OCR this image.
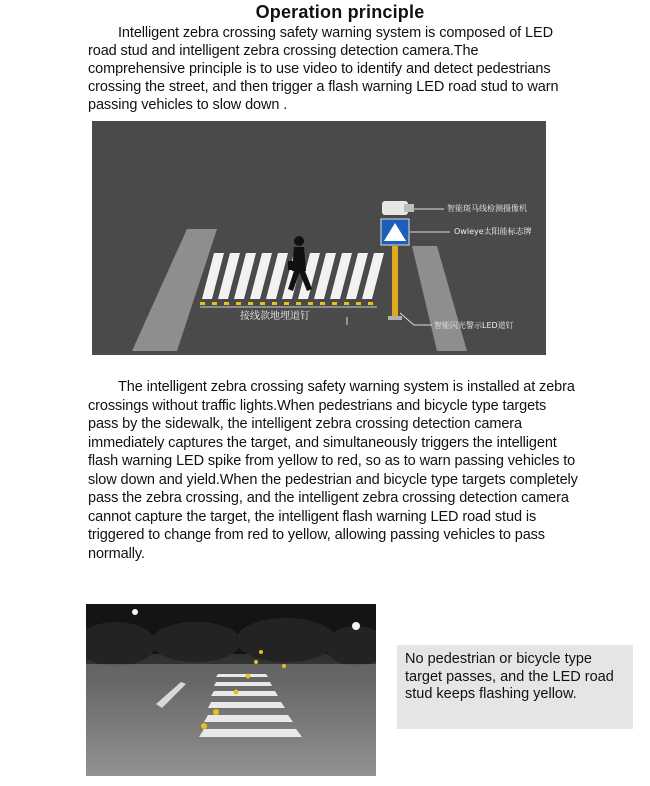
Operation principle
Intelligent zebra crossing safety warning system is composed of LED road stud and intelligent zebra crossing detection camera.The comprehensive principle is to use video to identify and detect pedestrians crossing the street, and then trigger a flash warning LED road stud to warn passing vehicles to slow down .
智能斑马线检测摄像机
Owleye太阳能标志牌
智能闪光警示LED道钉
接线款地埋道钉
The intelligent zebra crossing safety warning system is installed at zebra crossings without traffic lights.When pedestrians and bicycle type targets pass by the sidewalk, the intelligent zebra crossing detection camera immediately captures the target, and simultaneously triggers the intelligent flash warning LED spike from yellow to red, so as to warn passing vehicles to slow down and yield.When the pedestrian and bicycle type targets completely pass the zebra crossing, and the intelligent zebra crossing detection camera cannot capture the target, the intelligent flash warning LED road stud is triggered to change from red to yellow, allowing passing vehicles to pass normally.
No pedestrian or bicycle type target passes, and the LED road stud keeps flashing yellow.
